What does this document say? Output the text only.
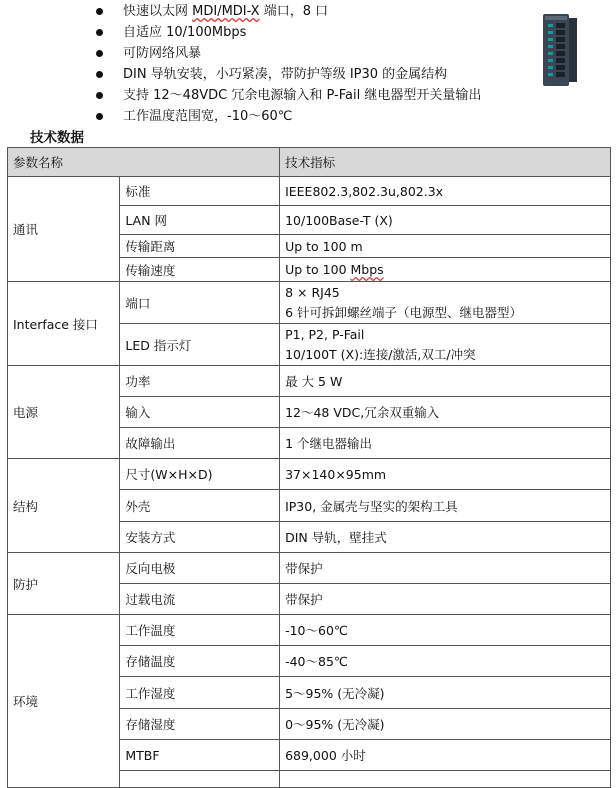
快速以太网 MDI/MDI-X 端口，8 口
自适应 10/100Mbps
可防网络风暴
DIN 导轨安装，小巧紧凑，带防护等级 IP30 的金属结构
支持 12～48VDC 冗余电源输入和 P-Fail 继电器型开关量输出
工作温度范围宽，-10～60℃
技术数据
参数名称		技术指标
通讯	标准	IEEE802.3,802.3u,802.3x
	LAN 网	10/100Base-T (X)
	传输距离	Up to 100 m
	传输速度	Up to 100 Mbps
Interface 接口	端口	8 × RJ45
6 针可拆卸螺丝端子（电源型、继电器型）

	LED 指示灯	P1, P2, P-Fail
10/100T (X):连接/激活,双工/冲突

电源	功率	最 大 5 W
	输入	12～48 VDC,冗余双重输入
	故障输出	1 个继电器输出
结构	尺寸(W×H×D)	37×140×95mm
	外壳	IP30, 金属壳与坚实的架构工具
	安装方式	DIN 导轨，壁挂式
防护	反向电极	带保护
	过载电流	带保护
环境	工作温度	-10～60℃
	存储温度	-40～85℃
	工作湿度	5～95% (无冷凝)
	存储湿度	0～95% (无冷凝)
	MTBF	689,000 小时
